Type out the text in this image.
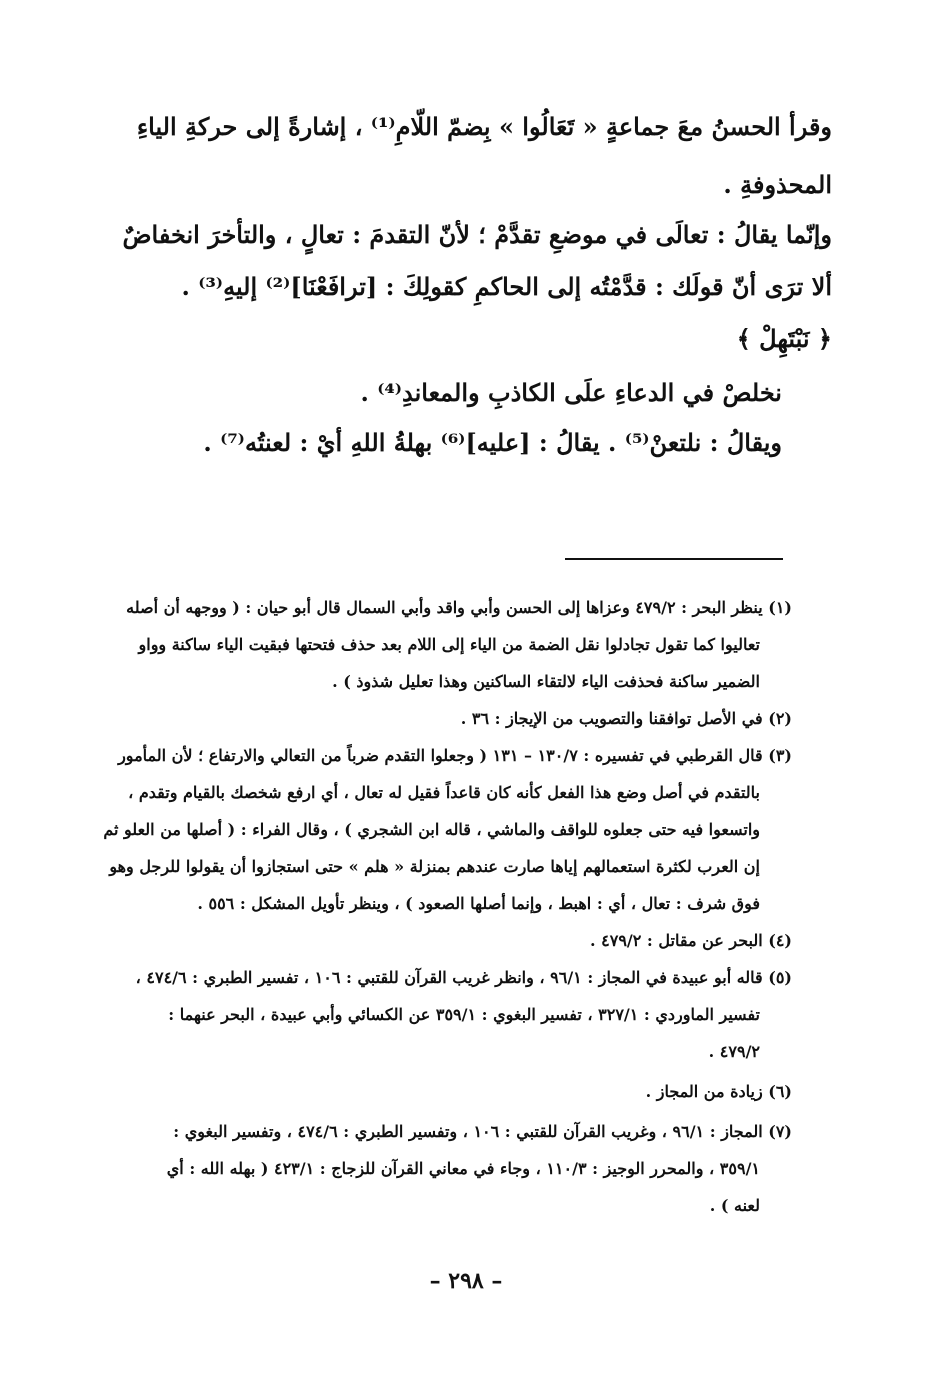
وقرأ الحسنُ معَ جماعةٍ « تَعَالُوا » بِضمّ اللّامِ⁽¹⁾ ، إشارةً إلى حركةِ الياءِ
المحذوفةِ .
وإنّما يقالُ : تعالَى في موضعِ تقدَّمْ ؛ لأنّ التقدمَ : تعالٍ ، والتأخرَ انخفاضٌ
ألا ترَى أنّ قولَك : قدَّمْتُه إلى الحاكمِ كقولِكَ : [ترافَعْنَا]⁽²⁾ إليهِ⁽³⁾ .
﴿ نَبْتَهِلْ ﴾
نخلصْ في الدعاءِ علَى الكاذبِ والمعاندِ⁽⁴⁾ .
ويقالُ : نلتعنْ⁽⁵⁾ . يقالُ : [عليه]⁽⁶⁾ بهلةُ اللهِ أيْ : لعنتُه⁽⁷⁾ .
(١) ينظر البحر : ٤٧٩/٢ وعزاها إلى الحسن وأبي واقد وأبي السمال قال أبو حيان : ( ووجهه أن أصله
تعاليوا كما تقول تجادلوا نقل الضمة من الياء إلى اللام بعد حذف فتحتها فبقيت الياء ساكنة وواو
الضمير ساكنة فحذفت الياء لالتقاء الساكنين وهذا تعليل شذوذ ) .
(٢) في الأصل توافقنا والتصويب من الإيجاز : ٣٦ .
(٣) قال القرطبي في تفسيره : ١٣٠/٧ – ١٣١ ( وجعلوا التقدم ضرباً من التعالي والارتفاع ؛ لأن المأمور
بالتقدم في أصل وضع هذا الفعل كأنه كان قاعداً فقيل له تعال ، أي ارفع شخصك بالقيام وتقدم ،
واتسعوا فيه حتى جعلوه للواقف والماشي ، قاله ابن الشجري ) ، وقال الفراء : ( أصلها من العلو ثم
إن العرب لكثرة استعمالهم إياها صارت عندهم بمنزلة « هلم » حتى استجازوا أن يقولوا للرجل وهو
فوق شرف : تعال ، أي : اهبط ، وإنما أصلها الصعود ) ، وينظر تأويل المشكل : ٥٥٦ .
(٤) البحر عن مقاتل : ٤٧٩/٢ .
(٥) قاله أبو عبيدة في المجاز : ٩٦/١ ، وانظر غريب القرآن للقتبي : ١٠٦ ، تفسير الطبري : ٤٧٤/٦ ،
تفسير الماوردي : ٣٢٧/١ ، تفسير البغوي : ٣٥٩/١ عن الكسائي وأبي عبيدة ، البحر عنهما :
٤٧٩/٢ .
(٦) زيادة من المجاز .
(٧) المجاز : ٩٦/١ ، وغريب القرآن للقتبي : ١٠٦ ، وتفسير الطبري : ٤٧٤/٦ ، وتفسير البغوي :
٣٥٩/١ ، والمحرر الوجيز : ١١٠/٣ ، وجاء في معاني القرآن للزجاج : ٤٢٣/١ ( بهله الله : أي
لعنه ) .
– ٢٩٨ –
